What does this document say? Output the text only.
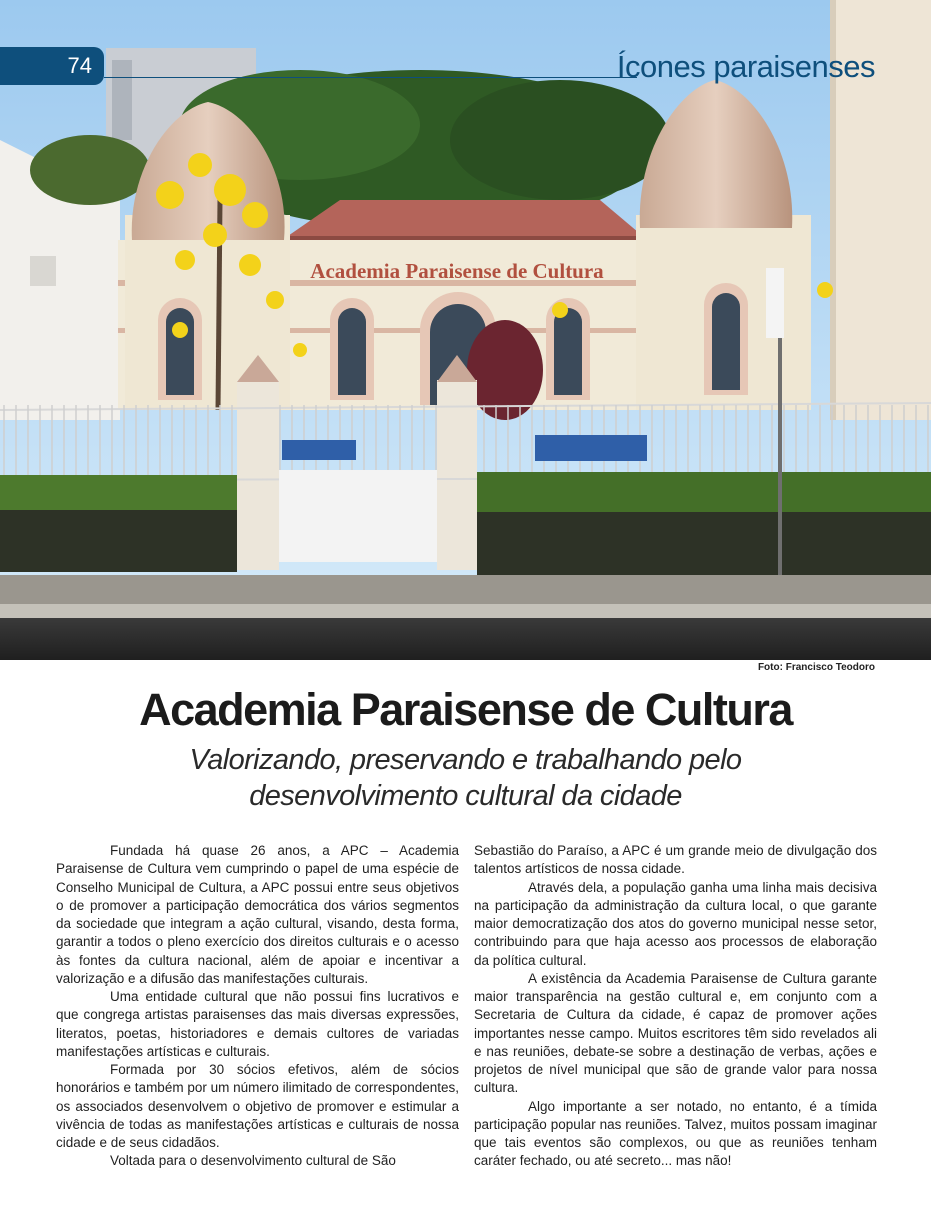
Academia Paraisense de Cultura
74	Ícones paraisenses
Foto: Francisco Teodoro
Academia Paraisense de Cultura
Valorizando, preservando e trabalhando pelo
desenvolvimento cultural da cidade

Fundada há quase 26 anos, a APC – Academia Paraisense de Cultura vem cumprindo o papel de uma espécie de Conselho Municipal de Cultura, a APC possui entre seus objetivos o de promover a participação democrática dos vários segmentos da sociedade que integram a ação cultural, visando, desta forma, garantir a todos o pleno exercício dos direitos culturais e o acesso às fontes da cultura nacional, além de apoiar e incentivar a valorização e a difusão das manifestações culturais.

Uma entidade cultural que não possui fins lucrativos e que congrega artistas paraisenses das mais diversas expressões, literatos, poetas, historiadores e demais cultores de variadas manifestações artísticas e culturais.

Formada por 30 sócios efetivos, além de sócios honorários e também por um número ilimitado de correspondentes, os associados desenvolvem o objetivo de promover e estimular a vivência de todas as manifestações artísticas e culturais de nossa cidade e de seus cidadãos.

Voltada para o desenvolvimento cultural de São

Sebastião do Paraíso, a APC é um grande meio de divulgação dos talentos artísticos de nossa cidade.

Através dela, a população ganha uma linha mais decisiva na participação da administração da cultura local, o que garante maior democratização dos atos do governo municipal nesse setor, contribuindo para que haja acesso aos processos de elaboração da política cultural.

A existência da Academia Paraisense de Cultura garante maior transparência na gestão cultural e, em conjunto com a Secretaria de Cultura da cidade, é capaz de promover ações importantes nesse campo. Muitos escritores têm sido revelados ali e nas reuniões, debate-se sobre a destinação de verbas, ações e projetos de nível municipal que são de grande valor para nossa cultura.

Algo importante a ser notado, no entanto, é a tímida participação popular nas reuniões. Talvez, muitos possam imaginar que tais eventos são complexos, ou que as reuniões tenham caráter fechado, ou até secreto... mas não!
